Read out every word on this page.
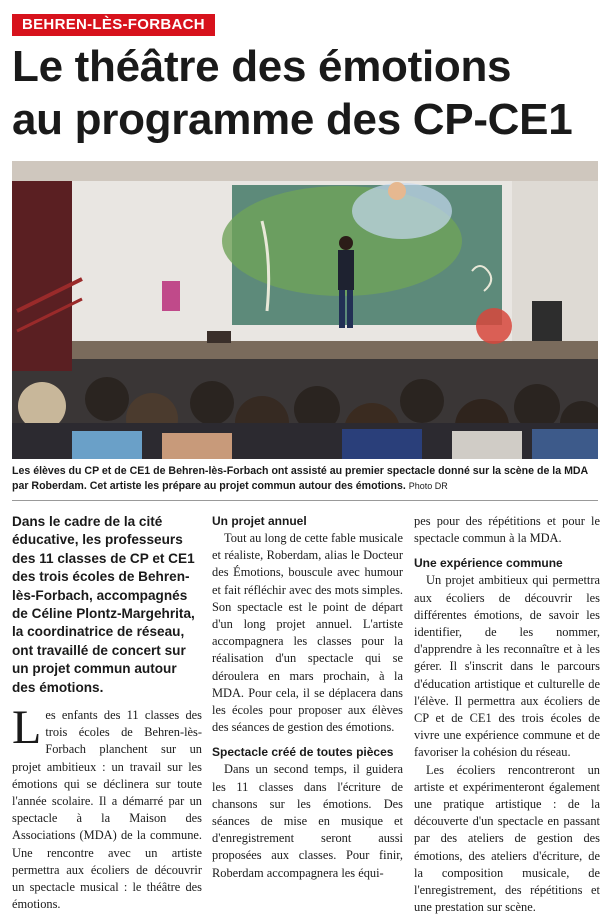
BEHREN-LÈS-FORBACH
Le théâtre des émotions
au programme des CP-CE1
Les élèves du CP et de CE1 de Behren-lès-Forbach ont assisté au premier spectacle donné sur la scène de la MDA par Roberdam. Cet artiste les prépare au projet commun autour des émotions. Photo DR

Dans le cadre de la cité éducative, les professeurs des 11 classes de CP et CE1 des trois écoles de Behren-lès-Forbach, accompagnés de Céline Plontz-Margehrita, la coordinatrice de réseau, ont travaillé de concert sur un projet commun autour des émotions.

Les enfants des 11 classes des trois écoles de Behren-lès-Forbach planchent sur un projet ambitieux : un travail sur les émotions qui se déclinera sur toute l'année scolaire. Il a démarré par un spectacle à la Maison des Associations (MDA) de la commune. Une rencontre avec un artiste permettra aux écoliers de découvrir un spectacle musical : le théâtre des émotions.

Un projet annuel

Tout au long de cette fable musicale et réaliste, Roberdam, alias le Docteur des Émotions, bouscule avec humour et fait réfléchir avec des mots simples. Son spectacle est le point de départ d'un long projet annuel. L'artiste accompagnera les classes pour la réalisation d'un spectacle qui se déroulera en mars prochain, à la MDA. Pour cela, il se déplacera dans les écoles pour proposer aux élèves des séances de gestion des émotions.

Spectacle créé de toutes pièces

Dans un second temps, il guidera les 11 classes dans l'écriture de chansons sur les émotions. Des séances de mise en musique et d'enregistrement seront aussi proposées aux classes. Pour finir, Roberdam accompagnera les équi-

pes pour des répétitions et pour le spectacle commun à la MDA.

Une expérience commune

Un projet ambitieux qui permettra aux écoliers de découvrir les différentes émotions, de savoir les identifier, de les nommer, d'apprendre à les reconnaître et à les gérer. Il s'inscrit dans le parcours d'éducation artistique et culturelle de l'élève. Il permettra aux écoliers de CP et de CE1 des trois écoles de vivre une expérience commune et de favoriser la cohésion du réseau.

Les écoliers rencontreront un artiste et expérimenteront également une pratique artistique : de la découverte d'un spectacle en passant par des ateliers de gestion des émotions, des ateliers d'écriture, de la composition musicale, de l'enregistrement, des répétitions et une prestation sur scène.
